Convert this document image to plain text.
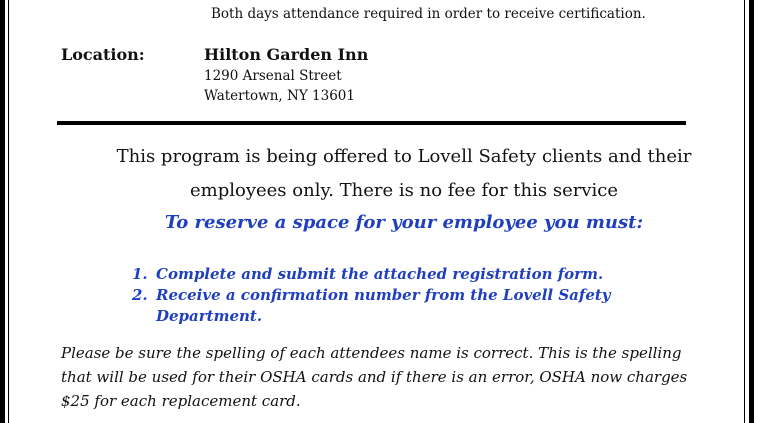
Both days attendance required in order to receive certification.
Location:	Hilton Garden Inn
1290 Arsenal Street
Watertown, NY 13601
This program is being offered to Lovell Safety clients and their
employees only. There is no fee for this service
To reserve a space for your employee you must:
1. Complete and submit the attached registration form.
2. Receive a confirmation number from the Lovell Safety Department.
Please be sure the spelling of each attendees name is correct. This is the spelling that will be used for their OSHA cards and if there is an error, OSHA now charges $25 for each replacement card.
